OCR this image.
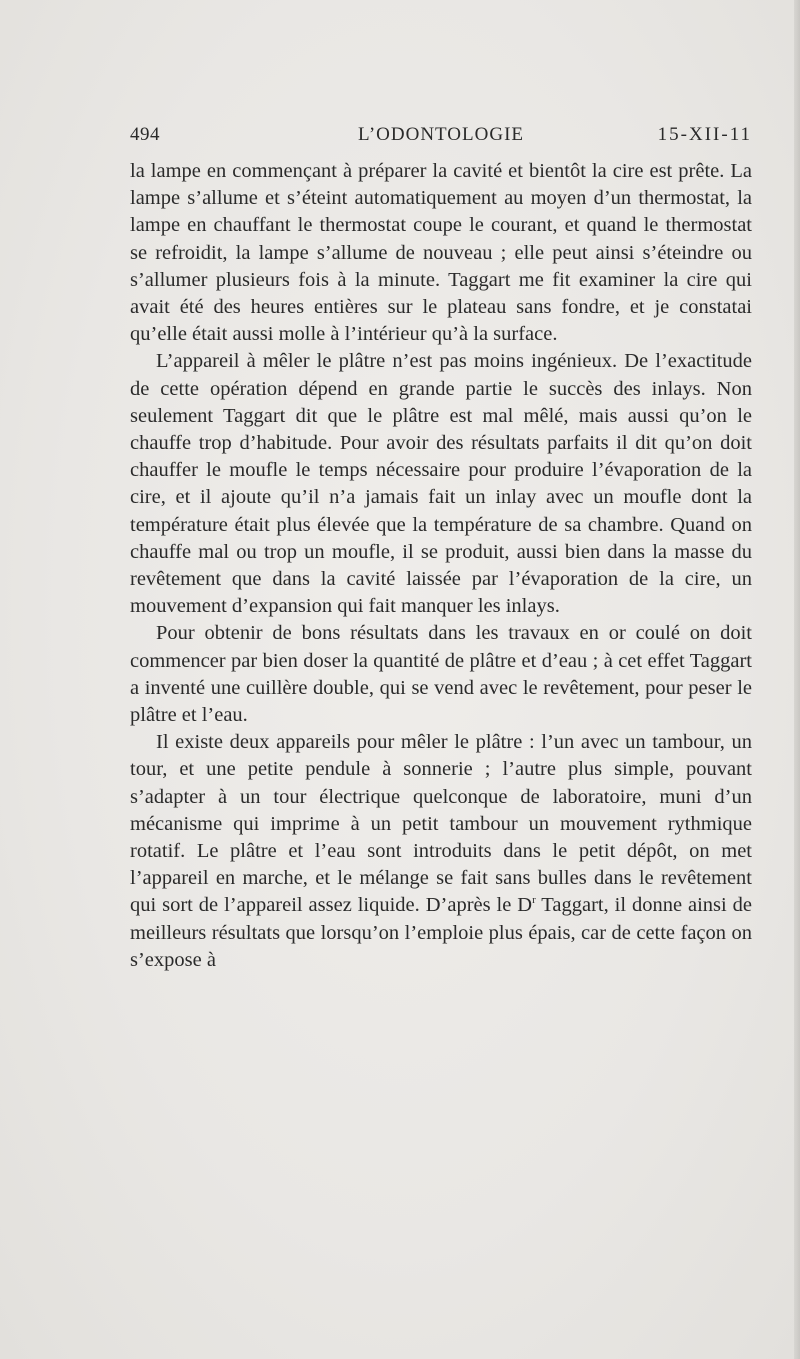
494	L’ODONTOLOGIE	15-XII-11

la lampe en commençant à préparer la cavité et bientôt la cire est prête. La lampe s’allume et s’éteint automatiquement au moyen d’un thermostat, la lampe en chauffant le thermostat coupe le courant, et quand le thermostat se refroidit, la lampe s’allume de nouveau ; elle peut ainsi s’éteindre ou s’allumer plusieurs fois à la minute. Taggart me fit examiner la cire qui avait été des heures entières sur le plateau sans fondre, et je constatai qu’elle était aussi molle à l’intérieur qu’à la surface.

L’appareil à mêler le plâtre n’est pas moins ingénieux. De l’exactitude de cette opération dépend en grande partie le succès des inlays. Non seulement Taggart dit que le plâtre est mal mêlé, mais aussi qu’on le chauffe trop d’habitude. Pour avoir des résultats parfaits il dit qu’on doit chauffer le moufle le temps nécessaire pour produire l’évaporation de la cire, et il ajoute qu’il n’a jamais fait un inlay avec un moufle dont la température était plus élevée que la température de sa chambre. Quand on chauffe mal ou trop un moufle, il se produit, aussi bien dans la masse du revêtement que dans la cavité laissée par l’évaporation de la cire, un mouvement d’expansion qui fait manquer les inlays.

Pour obtenir de bons résultats dans les travaux en or coulé on doit commencer par bien doser la quantité de plâtre et d’eau ; à cet effet Taggart a inventé une cuillère double, qui se vend avec le revêtement, pour peser le plâtre et l’eau.

Il existe deux appareils pour mêler le plâtre : l’un avec un tambour, un tour, et une petite pendule à sonnerie ; l’autre plus simple, pouvant s’adapter à un tour électrique quelconque de laboratoire, muni d’un mécanisme qui imprime à un petit tambour un mouvement rythmique rotatif. Le plâtre et l’eau sont introduits dans le petit dépôt, on met l’appareil en marche, et le mélange se fait sans bulles dans le revêtement qui sort de l’appareil assez liquide. D’après le $D^r$ Taggart, il donne ainsi de meilleurs résultats que lorsqu’on l’emploie plus épais, car de cette façon on s’expose à
